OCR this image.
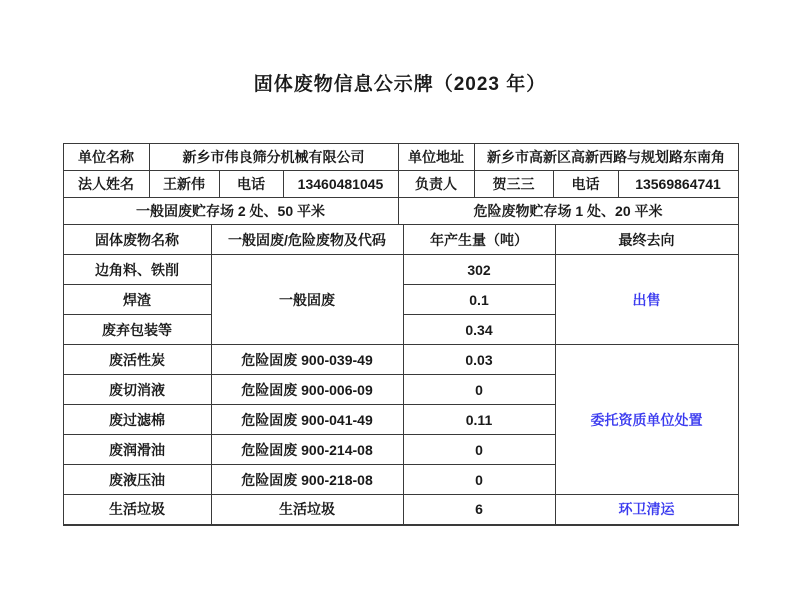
固体废物信息公示牌（2023 年）
单位名称	新乡市伟良筛分机械有限公司			单位地址	新乡市高新区高新西路与规划路东南角		
法人姓名	王新伟	电话	13460481045	负责人	贺三三	电话	13569864741
一般固废贮存场 2 处、50 平米	危险废物贮存场 1 处、20 平米
固体废物名称	一般固废/危险废物及代码	年产生量（吨）	最终去向
边角料、铁削	一般固废	302	出售
焊渣		0.1	
废弃包装等		0.34	
废活性炭	危险固废 900-039-49	0.03	委托资质单位处置
废切消液	危险固废 900-006-09	0	
废过滤棉	危险固废 900-041-49	0.11	
废润滑油	危险固废 900-214-08	0	
废液压油	危险固废 900-218-08	0	
生活垃圾	生活垃圾	6	环卫清运
